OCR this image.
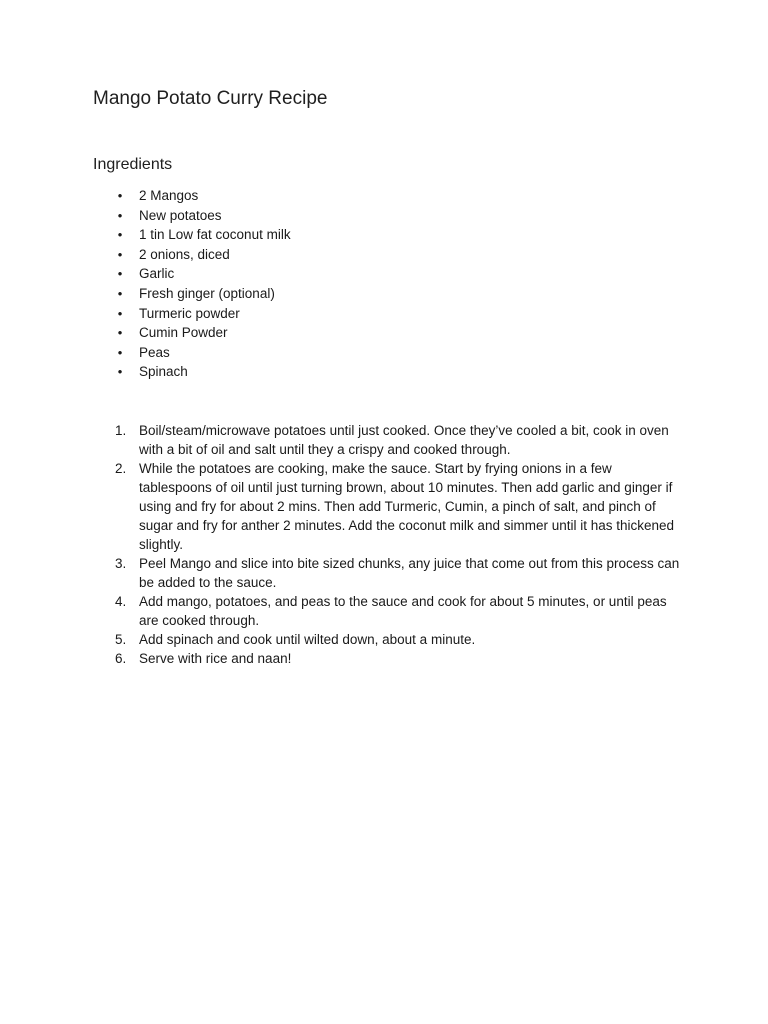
Mango Potato Curry Recipe
Ingredients
• 2 Mangos
• New potatoes
• 1 tin Low fat coconut milk
• 2 onions, diced
• Garlic
• Fresh ginger (optional)
• Turmeric powder
• Cumin Powder
• Peas
• Spinach
1. Boil/steam/microwave potatoes until just cooked. Once they’ve cooled a bit, cook in oven with a bit of oil and salt until they a crispy and cooked through.
2. While the potatoes are cooking, make the sauce. Start by frying onions in a few tablespoons of oil until just turning brown, about 10 minutes. Then add garlic and ginger if using and fry for about 2 mins. Then add Turmeric, Cumin, a pinch of salt, and pinch of sugar and fry for anther 2 minutes. Add the coconut milk and simmer until it has thickened slightly.
3. Peel Mango and slice into bite sized chunks, any juice that come out from this process can be added to the sauce.
4. Add mango, potatoes, and peas to the sauce and cook for about 5 minutes, or until peas are cooked through.
5. Add spinach and cook until wilted down, about a minute.
6. Serve with rice and naan!
